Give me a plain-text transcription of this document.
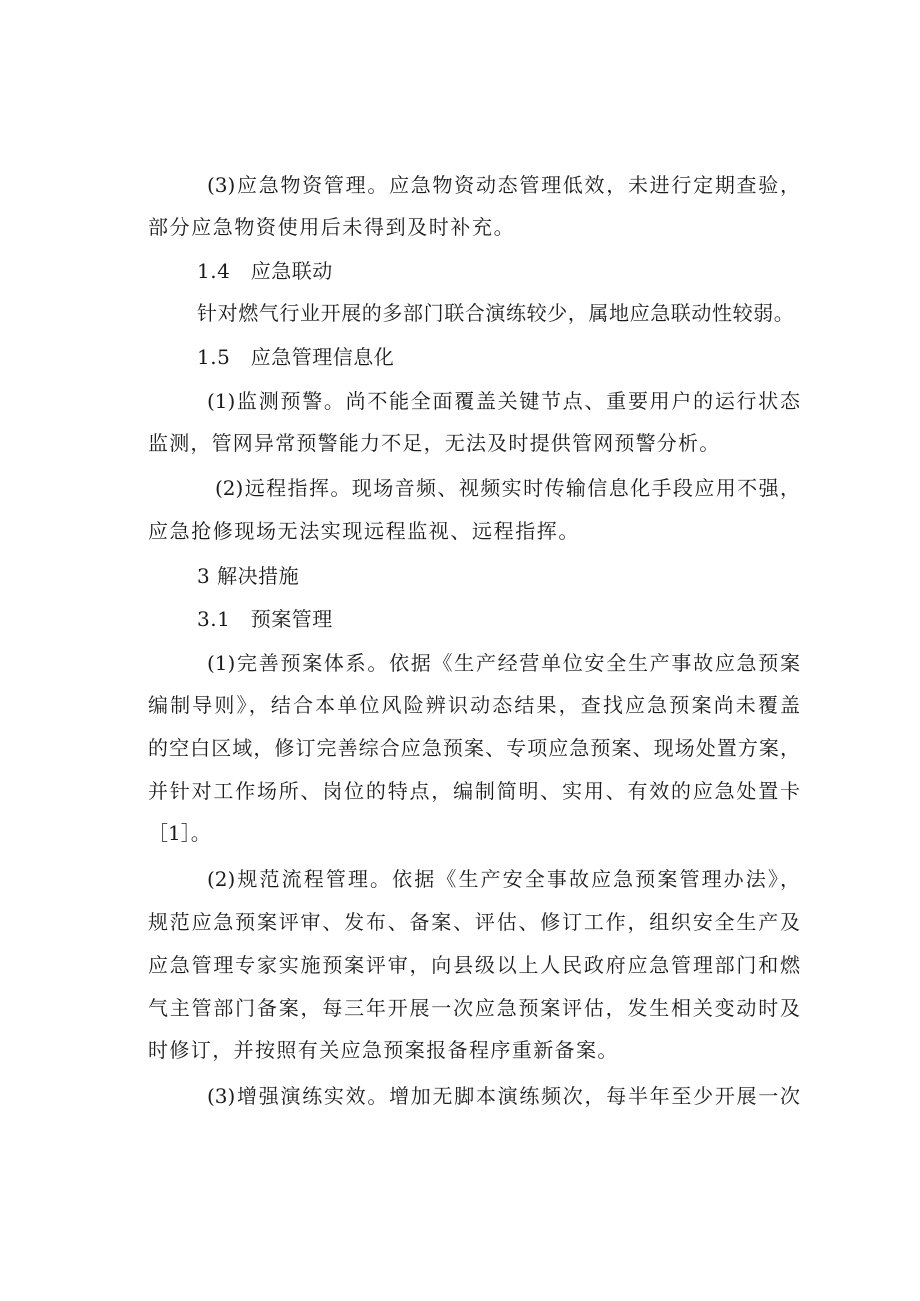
(3)应急物资管理。应急物资动态管理低效，未进行定期查验，
部分应急物资使用后未得到及时补充。
1.4　应急联动
针对燃气行业开展的多部门联合演练较少，属地应急联动性较弱。
1.5　应急管理信息化
(1)监测预警。尚不能全面覆盖关键节点、重要用户的运行状态
监测，管网异常预警能力不足，无法及时提供管网预警分析。
(2)远程指挥。现场音频、视频实时传输信息化手段应用不强，
应急抢修现场无法实现远程监视、远程指挥。
3 解决措施
3.1　预案管理
(1)完善预案体系。依据《生产经营单位安全生产事故应急预案
编制导则》，结合本单位风险辨识动态结果，查找应急预案尚未覆盖
的空白区域，修订完善综合应急预案、专项应急预案、现场处置方案，
并针对工作场所、岗位的特点，编制简明、实用、有效的应急处置卡
［1］。
(2)规范流程管理。依据《生产安全事故应急预案管理办法》，
规范应急预案评审、发布、备案、评估、修订工作，组织安全生产及
应急管理专家实施预案评审，向县级以上人民政府应急管理部门和燃
气主管部门备案，每三年开展一次应急预案评估，发生相关变动时及
时修订，并按照有关应急预案报备程序重新备案。
(3)增强演练实效。增加无脚本演练频次，每半年至少开展一次
